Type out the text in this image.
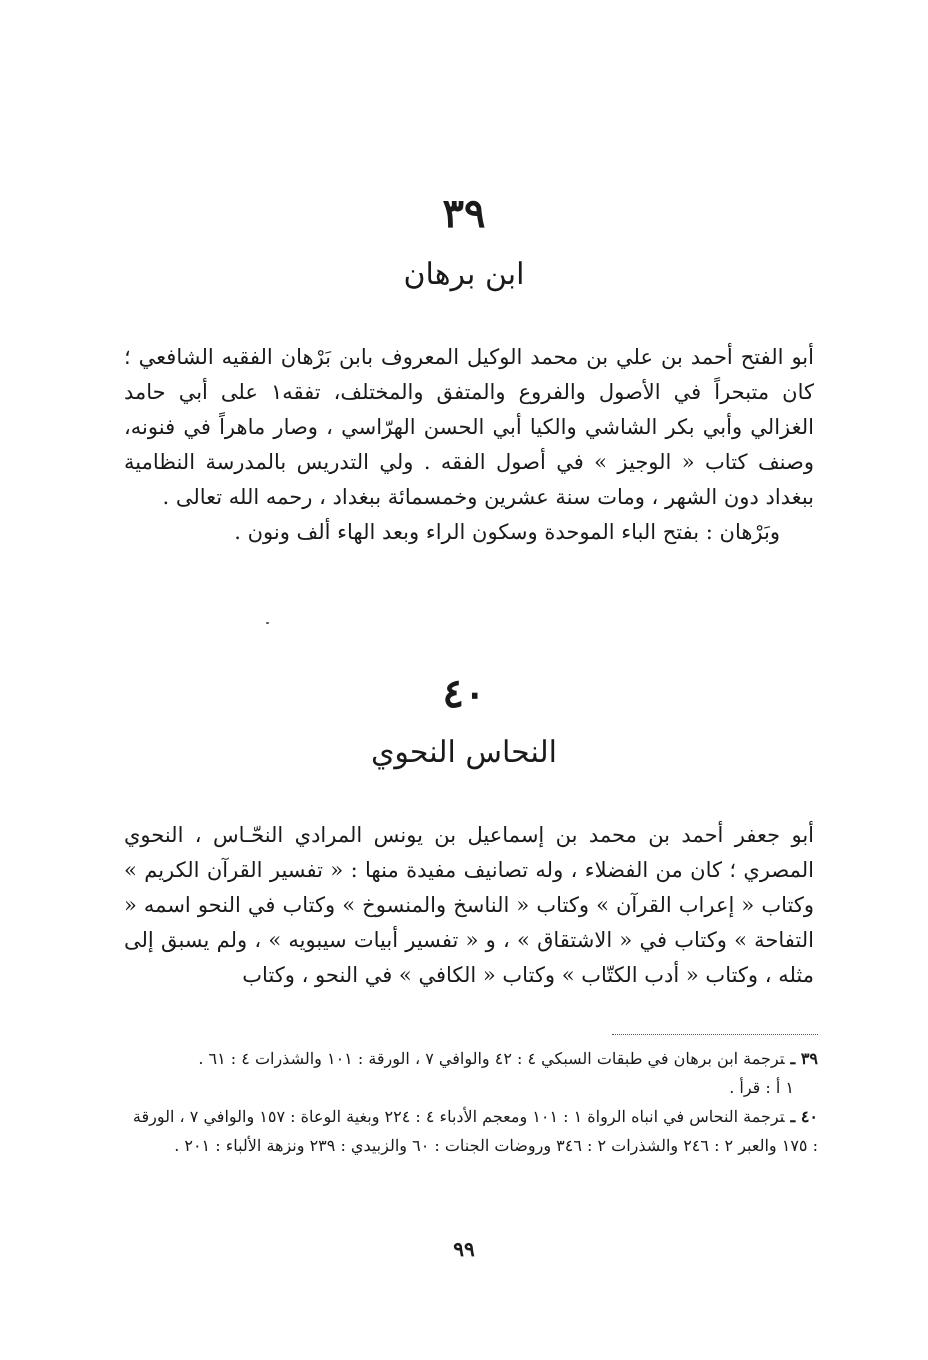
٣٩
ابن برهان

أبو الفتح أحمد بن علي بن محمد الوكيل المعروف بابن بَرْهان الفقيه الشافعي ؛ كان متبحراً في الأصول والفروع والمتفق والمختلف، تفقه١ على أبي حامد الغزالي وأبي بكر الشاشي والكيا أبي الحسن الهرّاسي ، وصار ماهراً في فنونه، وصنف كتاب « الوجيز » في أصول الفقه . ولي التدريس بالمدرسة النظامية ببغداد دون الشهر ، ومات سنة عشرين وخمسمائة ببغداد ، رحمه الله تعالى .

وبَرْهان : بفتح الباء الموحدة وسكون الراء وبعد الهاء ألف ونون .

٤٠
النحاس النحوي

أبو جعفر أحمد بن محمد بن إسماعيل بن يونس المرادي النحّـاس ، النحوي المصري ؛ كان من الفضلاء ، وله تصانيف مفيدة منها : « تفسير القرآن الكريم » وكتاب « إعراب القرآن » وكتاب « الناسخ والمنسوخ » وكتاب في النحو اسمه « التفاحة » وكتاب في « الاشتقاق » ، و « تفسير أبيات سيبويه » ، ولم يسبق إلى مثله ، وكتاب « أدب الكتّاب » وكتاب « الكافي » في النحو ، وكتاب

٣٩ ـترجمة ابن برهان في طبقات السبكي ٤ : ٤٢ والوافي ٧ ، الورقة : ١٠١ والشذرات ٤ : ٦١ .

١ أ : قرأ .

٤٠ ـترجمة النحاس في انباه الرواة ١ : ١٠١ ومعجم الأدباء ٤ : ٢٢٤ وبغية الوعاة : ١٥٧ والوافي ٧ ، الورقة : ١٧٥ والعبر ٢ : ٢٤٦ والشذرات ٢ : ٣٤٦ وروضات الجنات : ٦٠ والزبيدي : ٢٣٩ ونزهة الألباء : ٢٠١ .

٩٩
